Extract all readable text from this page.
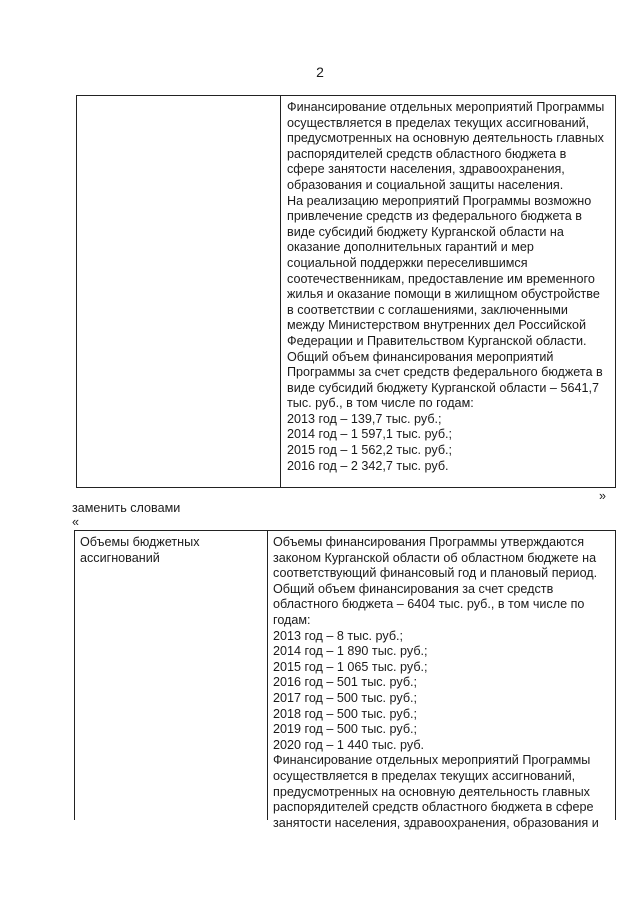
2

Финансирование отдельных мероприятий Программы осуществляется в пределах текущих ассигнований, предусмотренных на основную деятельность главных распорядителей средств областного бюджета в сфере занятости населения, здравоохранения, образования и социальной защиты населения.

На реализацию мероприятий Программы возможно привлечение средств из федерального бюджета в виде субсидий бюджету Курганской области на оказание дополнительных гарантий и мер социальной поддержки переселившимся соотечественникам, предоставление им временного жилья и оказание помощи в жилищном обустройстве в соответствии с соглашениями, заключенными между Министерством внутренних дел Российской Федерации и Правительством Курганской области.

Общий объем финансирования мероприятий Программы за счет средств федерального бюджета в виде субсидий бюджету Курганской области – 5641,7 тыс. руб., в том числе по годам:

2013 год – 139,7 тыс. руб.;

2014 год – 1 597,1 тыс. руб.;

2015 год – 1 562,2 тыс. руб.;

2016 год – 2 342,7 тыс. руб.

»
заменить словами
«
Объемы бюджетных ассигнований

Объемы финансирования Программы утверждаются законом Курганской области об областном бюджете на соответствующий финансовый год и плановый период.

Общий объем финансирования за счет средств областного бюджета – 6404 тыс. руб., в том числе по годам:

2013 год – 8 тыс. руб.;

2014 год – 1 890 тыс. руб.;

2015 год – 1 065 тыс. руб.;

2016 год – 501 тыс. руб.;

2017 год – 500 тыс. руб.;

2018 год – 500 тыс. руб.;

2019 год – 500 тыс. руб.;

2020 год – 1 440 тыс. руб.

Финансирование отдельных мероприятий Программы осуществляется в пределах текущих ассигнований, предусмотренных на основную деятельность главных распорядителей средств областного бюджета в сфере занятости населения, здравоохранения, образования и
